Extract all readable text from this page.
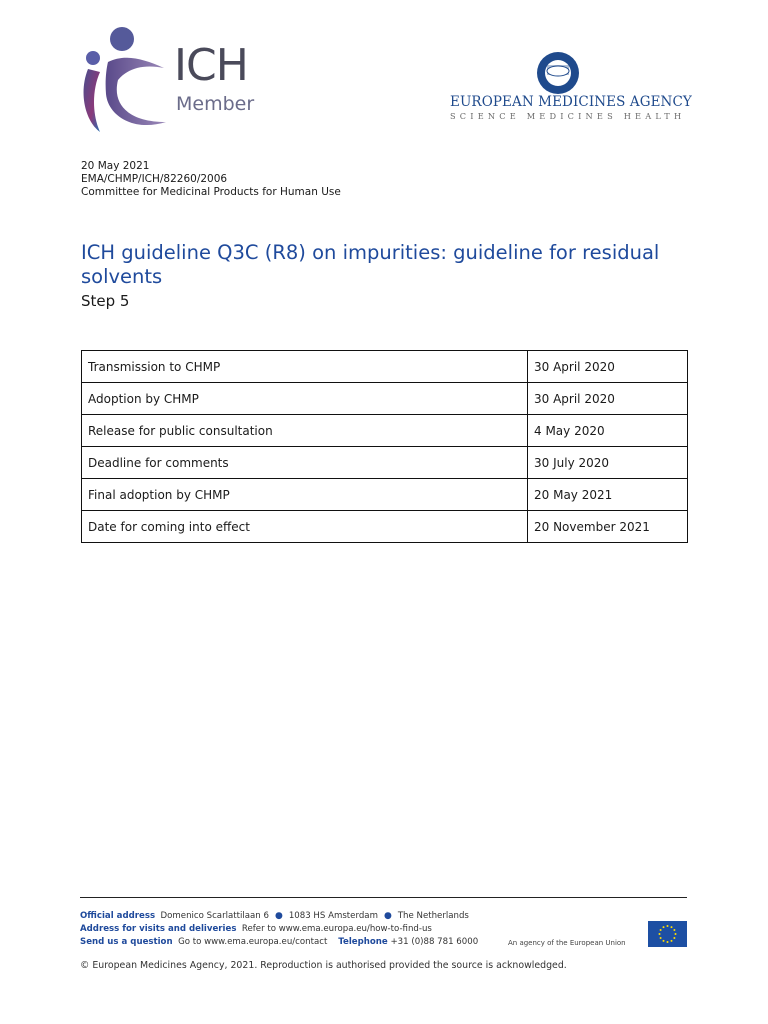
ICH
Member	EUROPEAN MEDICINES AGENCY
SCIENCE MEDICINES HEALTH
20 May 2021
EMA/CHMP/ICH/82260/2006
Committee for Medicinal Products for Human Use
ICH guideline Q3C (R8) on impurities: guideline for residual solvents
Step 5
Transmission to CHMP	30 April 2020
Adoption by CHMP	30 April 2020
Release for public consultation	4 May 2020
Deadline for comments	30 July 2020
Final adoption by CHMP	20 May 2021
Date for coming into effect	20 November 2021
Official address Domenico Scarlattilaan 6 ● 1083 HS Amsterdam ● The Netherlands
Address for visits and deliveries Refer to www.ema.europa.eu/how-to-find-us
Send us a question Go to www.ema.europa.eu/contact Telephone +31 (0)88 781 6000	An agency of the European Union
© European Medicines Agency, 2021. Reproduction is authorised provided the source is acknowledged.
